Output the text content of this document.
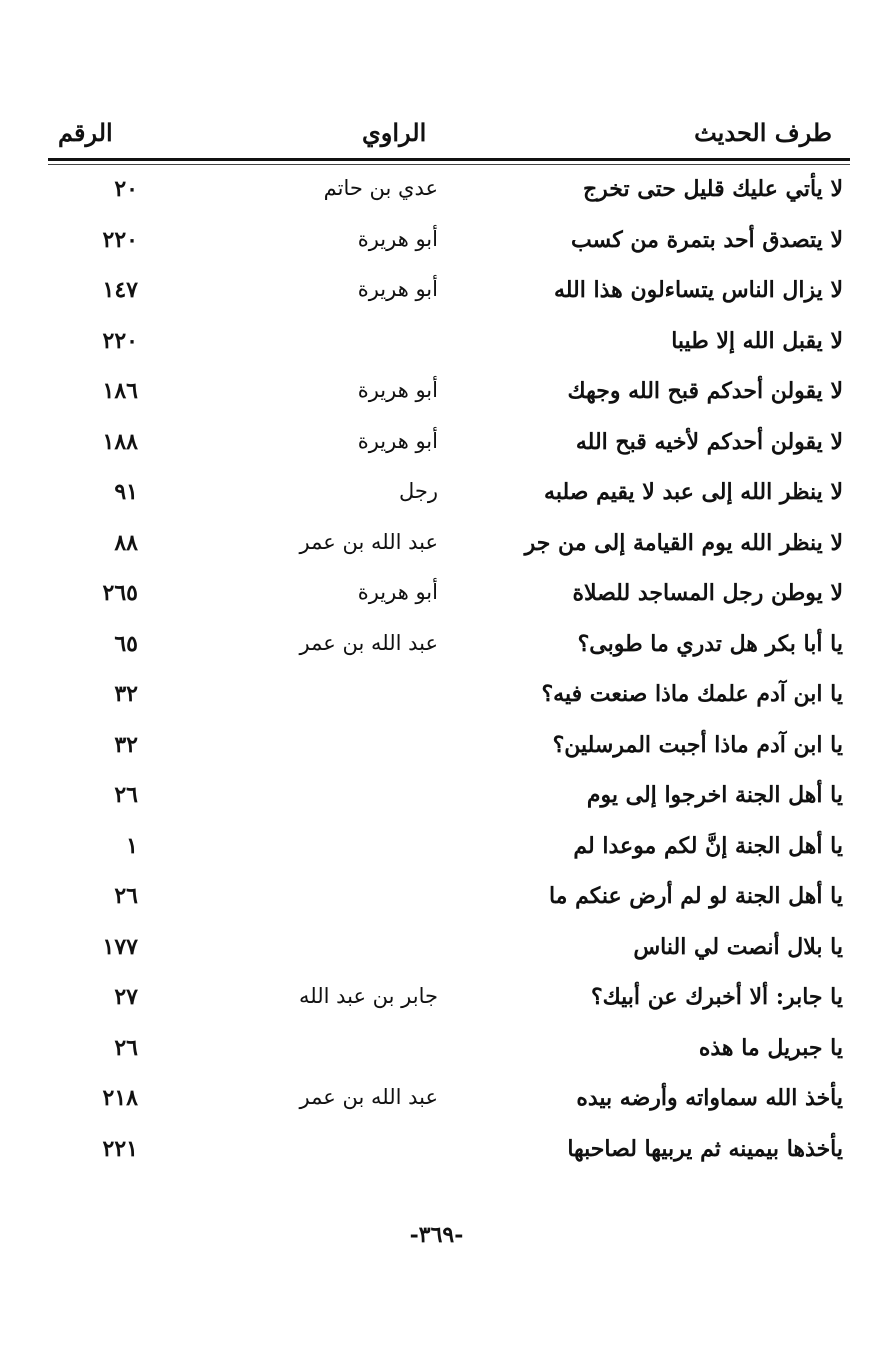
طرف الحديث
الراوي
الرقم
لا يأتي عليك قليل حتى تخرج
عدي بن حاتم
٢٠
لا يتصدق أحد بتمرة من كسب
أبو هريرة
٢٢٠
لا يزال الناس يتساءلون هذا الله
أبو هريرة
١٤٧
لا يقبل الله إلا طيبا
٢٢٠
لا يقولن أحدكم قبح الله وجهك
أبو هريرة
١٨٦
لا يقولن أحدكم لأخيه قبح الله
أبو هريرة
١٨٨
لا ينظر الله إلى عبد لا يقيم صلبه
رجل
٩١
لا ينظر الله يوم القيامة إلى من جر
عبد الله بن عمر
٨٨
لا يوطن رجل المساجد للصلاة
أبو هريرة
٢٦٥
يا أبا بكر هل تدري ما طوبى؟
عبد الله بن عمر
٦٥
يا ابن آدم علمك ماذا صنعت فيه؟
٣٢
يا ابن آدم ماذا أجبت المرسلين؟
٣٢
يا أهل الجنة اخرجوا إلى يوم
٢٦
يا أهل الجنة إنَّ لكم موعدا لم
١
يا أهل الجنة لو لم أرض عنكم ما
٢٦
يا بلال أنصت لي الناس
١٧٧
يا جابر: ألا أخبرك عن أبيك؟
جابر بن عبد الله
٢٧
يا جبريل ما هذه
٢٦
يأخذ الله سماواته وأرضه بيده
عبد الله بن عمر
٢١٨
يأخذها بيمينه ثم يربيها لصاحبها
٢٢١
-٣٦٩-
